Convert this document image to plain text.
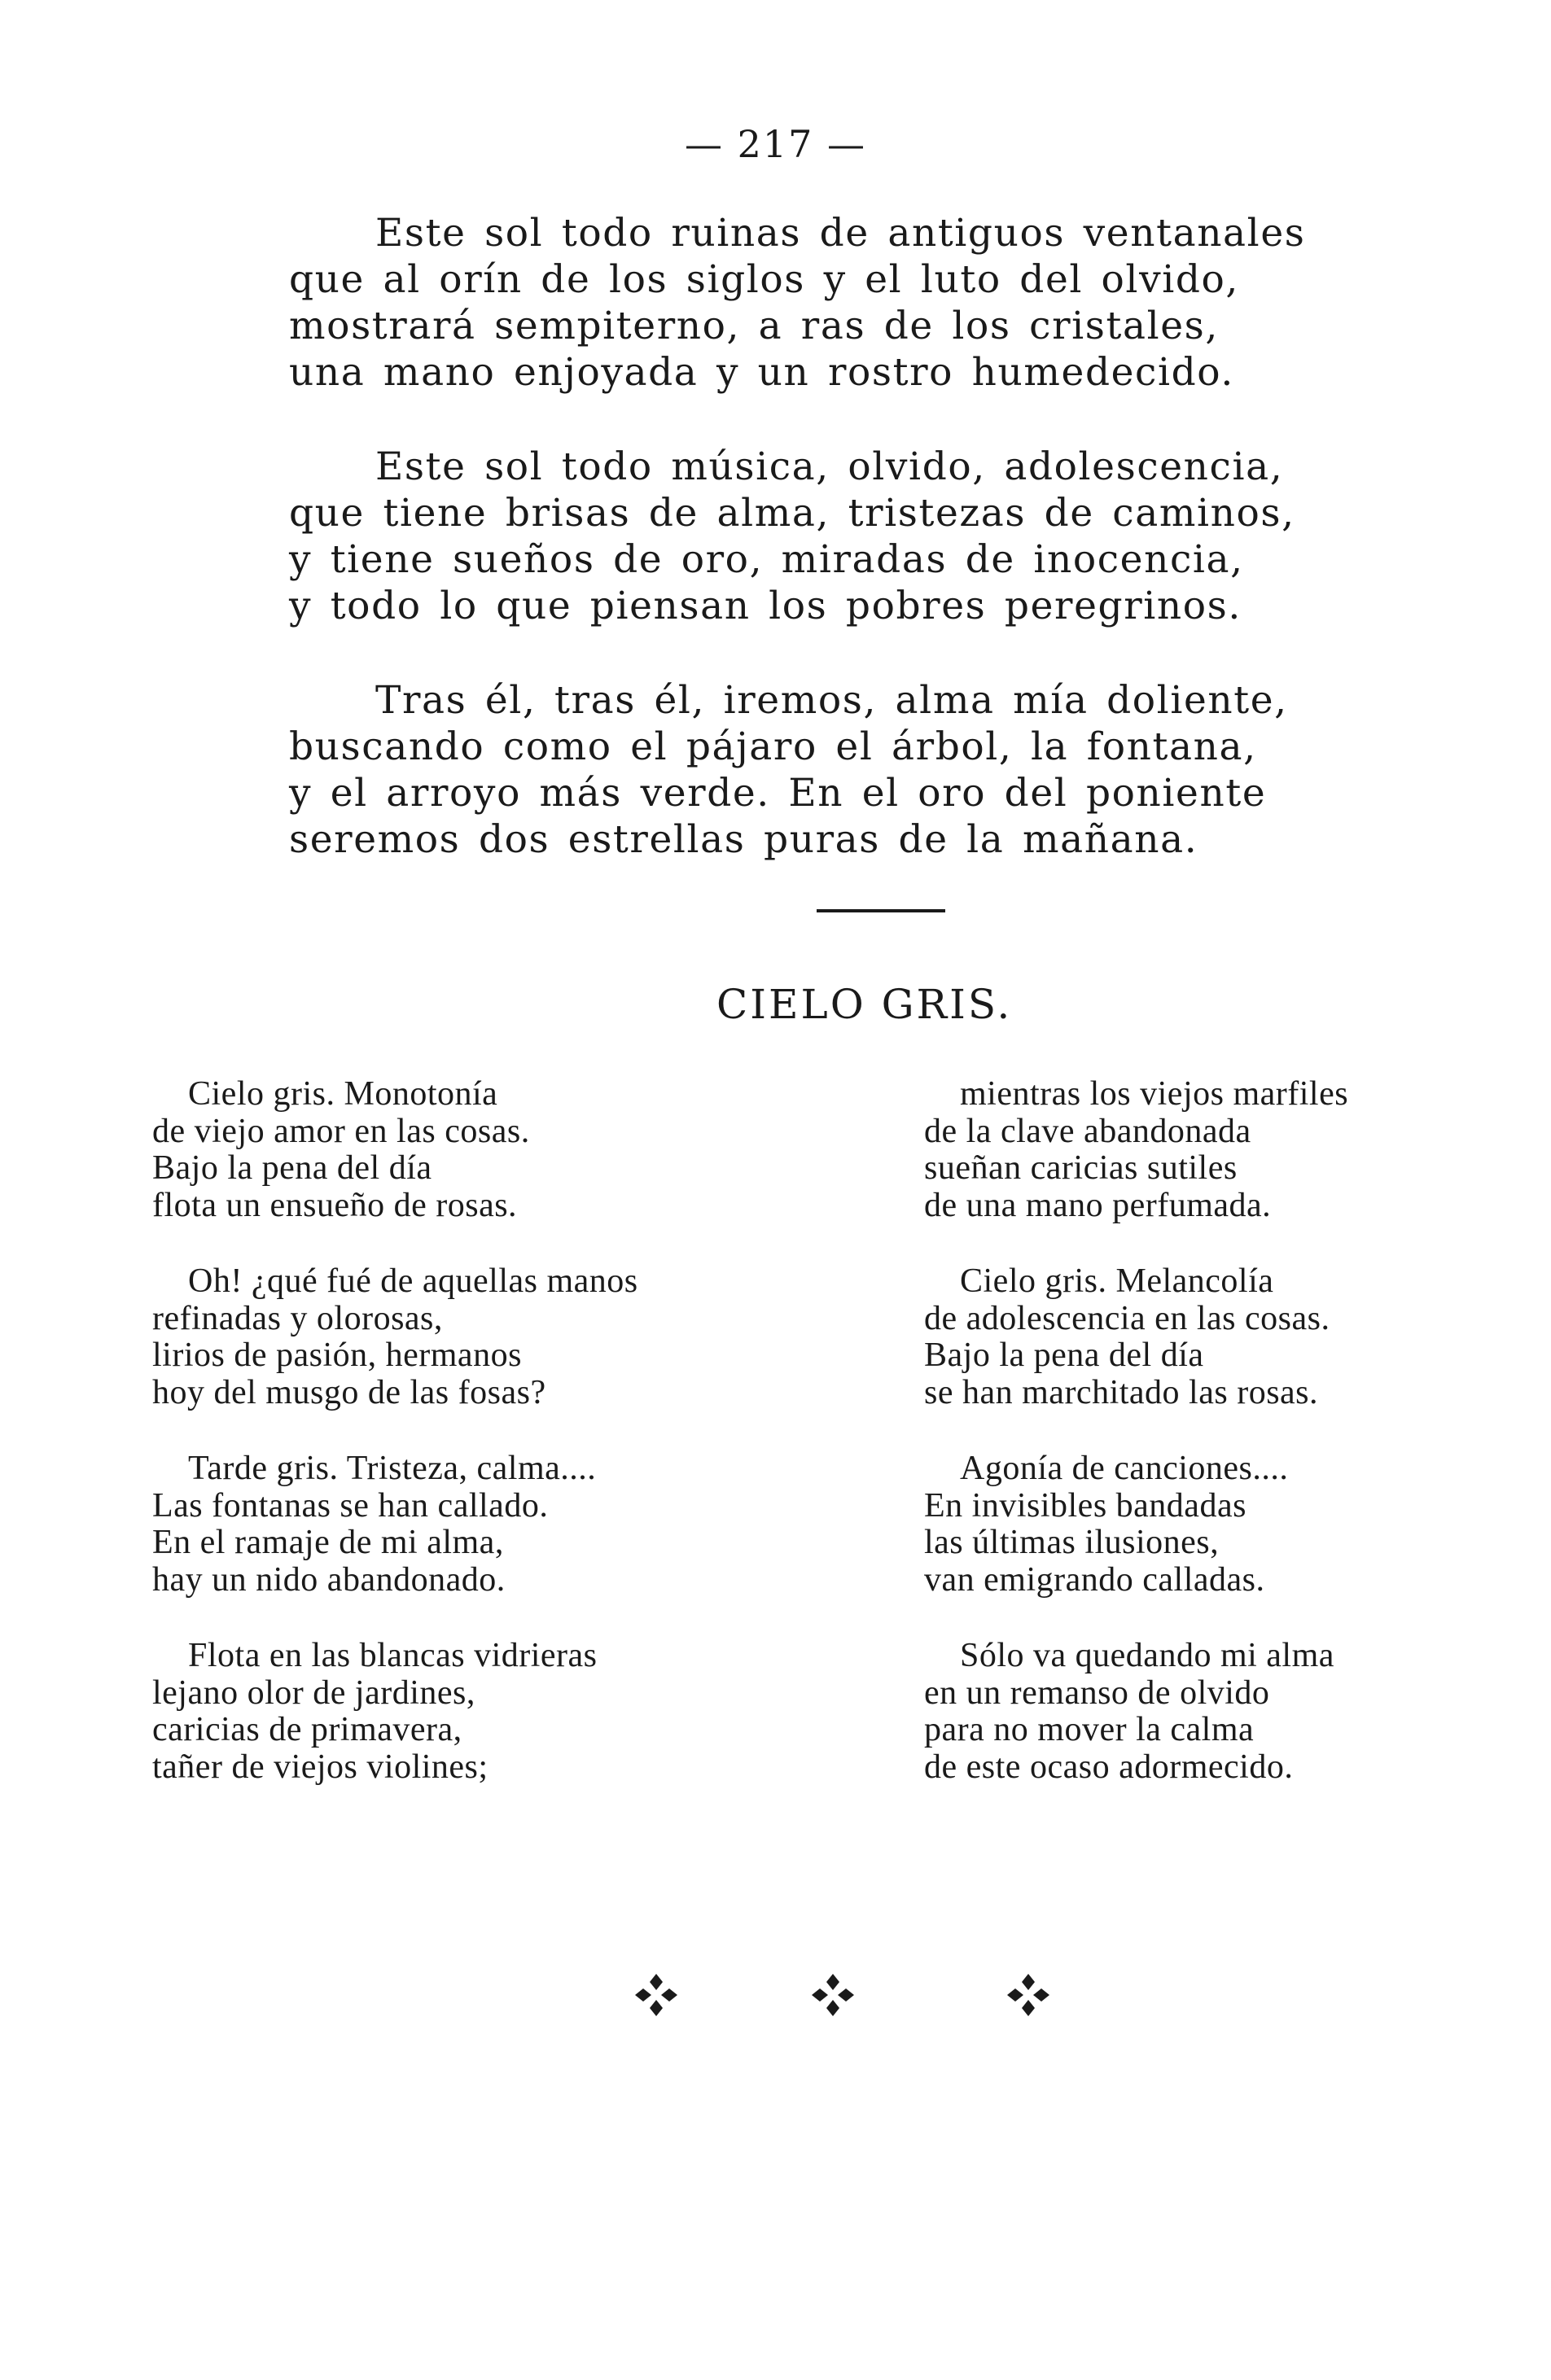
— 217 —
Este sol todo ruinas de antiguos ventanales
que al orín de los siglos y el luto del olvido,
mostrará sempiterno, a ras de los cristales,
una mano enjoyada y un rostro humedecido.
Este sol todo música, olvido, adolescencia,
que tiene brisas de alma, tristezas de caminos,
y tiene sueños de oro, miradas de inocencia,
y todo lo que piensan los pobres peregrinos.
Tras él, tras él, iremos, alma mía doliente,
buscando como el pájaro el árbol, la fontana,
y el arroyo más verde. En el oro del poniente
seremos dos estrellas puras de la mañana.
CIELO GRIS.
Cielo gris. Monotonía
de viejo amor en las cosas.
Bajo la pena del día
flota un ensueño de rosas.
Oh! ¿qué fué de aquellas manos
refinadas y olorosas,
lirios de pasión, hermanos
hoy del musgo de las fosas?
Tarde gris. Tristeza, calma....
Las fontanas se han callado.
En el ramaje de mi alma,
hay un nido abandonado.
Flota en las blancas vidrieras
lejano olor de jardines,
caricias de primavera,
tañer de viejos violines;
mientras los viejos marfiles
de la clave abandonada
sueñan caricias sutiles
de una mano perfumada.
Cielo gris. Melancolía
de adolescencia en las cosas.
Bajo la pena del día
se han marchitado las rosas.
Agonía de canciones....
En invisibles bandadas
las últimas ilusiones,
van emigrando calladas.
Sólo va quedando mi alma
en un remanso de olvido
para no mover la calma
de este ocaso adormecido.
